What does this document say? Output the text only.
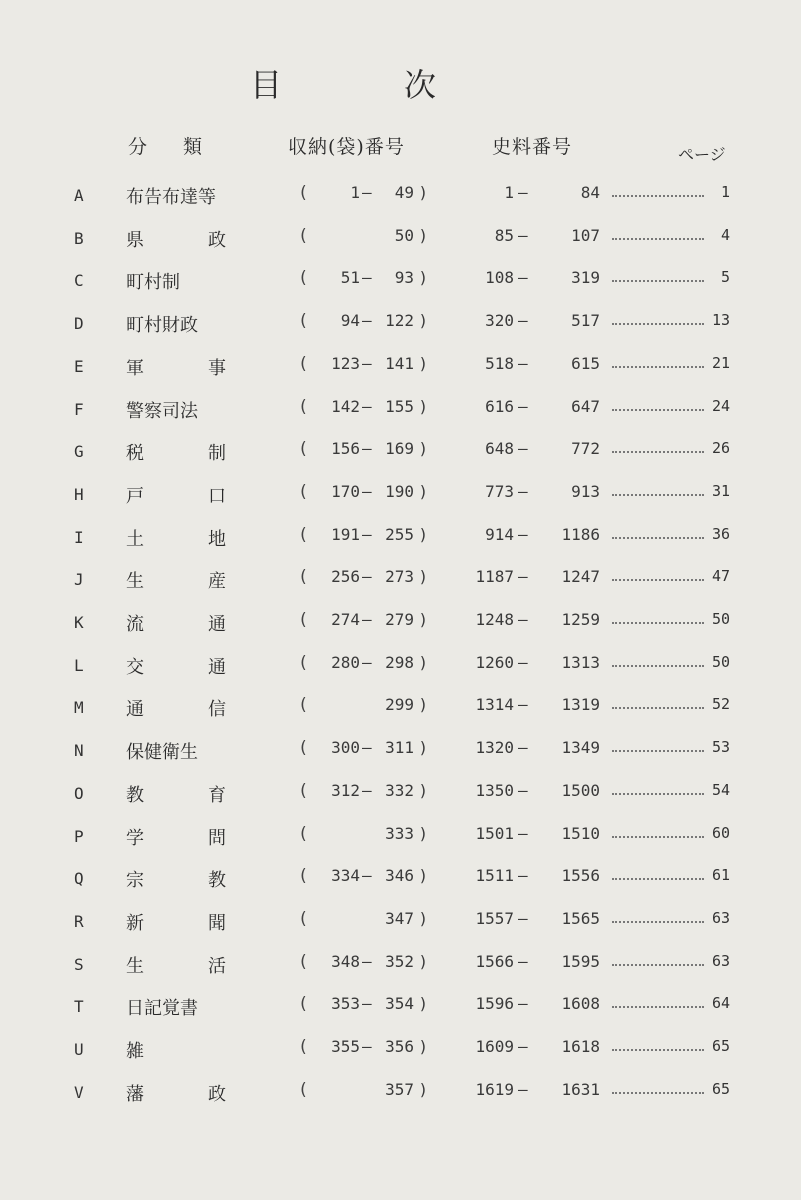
目	次
分類	収納(袋)番号	史料番号	ページ
A 布告布達等	(	1 — 49 )	1 —	84	1
B 県	政	(	50 )	85 —	107	4
C 町村制	(	51 — 93 )	108 —	319	5
D 町村財政	(	94 — 122 )	320 —	517	13
E 軍	事	(	123 — 141 )	518 —	615	21
F 警察司法	(	142 — 155 )	616 —	647	24
G 税	制	(	156 — 169 )	648 —	772	26
H 戸	口	(	170 — 190 )	773 —	913	31
I 土	地	(	191 — 255 )	914 —	1186	36
J 生	産	(	256 — 273 )	1187 —	1247	47
K 流	通	(	274 — 279 )	1248 —	1259	50
L 交	通	(	280 — 298 )	1260 —	1313	50
M 通	信	(	299 )	1314 —	1319	52
N 保健衛生	(	300 — 311 )	1320 —	1349	53
O 教	育	(	312 — 332 )	1350 —	1500	54
P 学	問	(	333 )	1501 —	1510	60
Q 宗	教	(	334 — 346 )	1511 —	1556	61
R 新	聞	(	347 )	1557 —	1565	63
S 生	活	(	348 — 352 )	1566 —	1595	63
T 日記覚書	(	353 — 354 )	1596 —	1608	64
U 雑	(	355 — 356 )	1609 —	1618	65
V 藩	政	(	357 )	1619 —	1631	65
